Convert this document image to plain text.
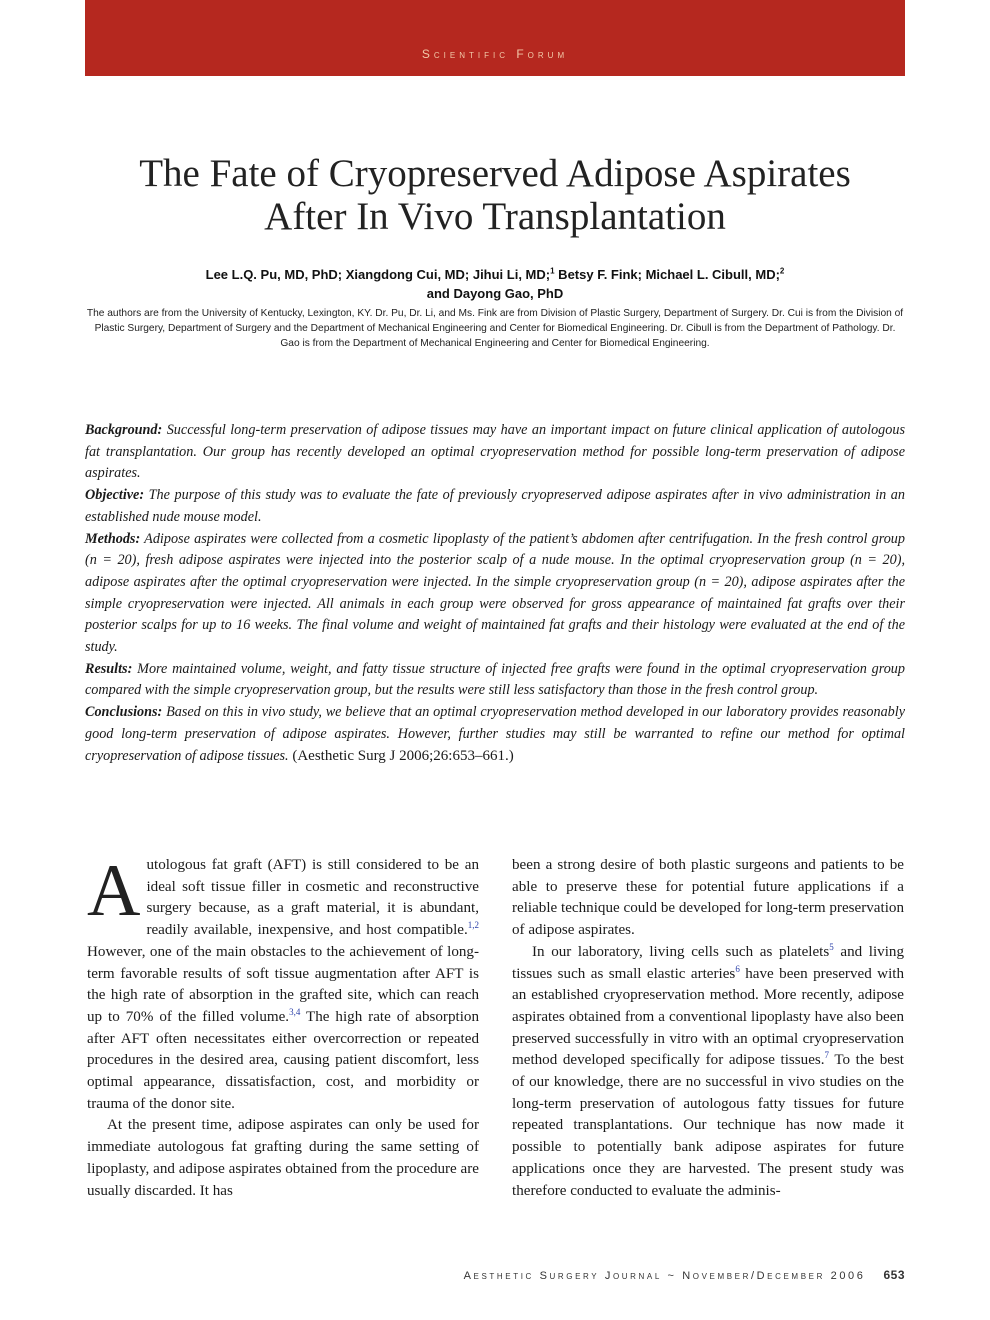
Scientific Forum
The Fate of Cryopreserved Adipose Aspirates
After In Vivo Transplantation
Lee L.Q. Pu, MD, PhD; Xiangdong Cui, MD; Jihui Li, MD;$^1$ Betsy F. Fink; Michael L. Cibull, MD;$^2$
and Dayong Gao, PhD
The authors are from the University of Kentucky, Lexington, KY. Dr. Pu, Dr. Li, and Ms. Fink are from Division of Plastic Surgery, Department of Surgery. Dr. Cui is from the Division of Plastic Surgery, Department of Surgery and the Department of Mechanical Engineering and Center for Biomedical Engineering. Dr. Cibull is from the Department of Pathology. Dr. Gao is from the Department of Mechanical Engineering and Center for Biomedical Engineering.

Background: Successful long-term preservation of adipose tissues may have an important impact on future clinical application of autologous fat transplantation. Our group has recently developed an optimal cryopreservation method for possible long-term preservation of adipose aspirates.

Objective: The purpose of this study was to evaluate the fate of previously cryopreserved adipose aspirates after in vivo administration in an established nude mouse model.

Methods: Adipose aspirates were collected from a cosmetic lipoplasty of the patient’s abdomen after centrifugation. In the fresh control group (n = 20), fresh adipose aspirates were injected into the posterior scalp of a nude mouse. In the optimal cryopreservation group (n = 20), adipose aspirates after the optimal cryopreservation were injected. In the simple cryopreservation group (n = 20), adipose aspirates after the simple cryopreservation were injected. All animals in each group were observed for gross appearance of maintained fat grafts over their posterior scalps for up to 16 weeks. The final volume and weight of maintained fat grafts and their histology were evaluated at the end of the study.

Results: More maintained volume, weight, and fatty tissue structure of injected free grafts were found in the optimal cryopreservation group compared with the simple cryopreservation group, but the results were still less satisfactory than those in the fresh control group.

Conclusions: Based on this in vivo study, we believe that an optimal cryopreservation method developed in our laboratory provides reasonably good long-term preservation of adipose aspirates. However, further studies may still be warranted to refine our method for optimal cryopreservation of adipose tissues. (Aesthetic Surg J 2006;26:653–661.)

Autologous fat graft (AFT) is still considered to be an ideal soft tissue filler in cosmetic and reconstructive surgery because, as a graft material, it is abundant, readily available, inexpensive, and host compatible.$^{1,2}$ However, one of the main obstacles to the achievement of long-term favorable results of soft tissue augmentation after AFT is the high rate of absorption in the grafted site, which can reach up to 70% of the filled volume.$^{3,4}$ The high rate of absorption after AFT often necessitates either overcorrection or repeated procedures in the desired area, causing patient discomfort, less optimal appearance, dissatisfaction, cost, and morbidity or trauma of the donor site.

At the present time, adipose aspirates can only be used for immediate autologous fat grafting during the same setting of lipoplasty, and adipose aspirates obtained from the procedure are usually discarded. It has

been a strong desire of both plastic surgeons and patients to be able to preserve these for potential future applications if a reliable technique could be developed for long-term preservation of adipose aspirates.

In our laboratory, living cells such as platelets$^5$ and living tissues such as small elastic arteries$^6$ have been preserved with an established cryopreservation method. More recently, adipose aspirates obtained from a conventional lipoplasty have also been preserved successfully in vitro with an optimal cryopreservation method developed specifically for adipose tissues.$^7$ To the best of our knowledge, there are no successful in vivo studies on the long-term preservation of autologous fatty tissues for future repeated transplantations. Our technique has now made it possible to potentially bank adipose aspirates for future applications once they are harvested. The present study was therefore conducted to evaluate the adminis-

Aesthetic Surgery Journal ~ November/December 2006 653
